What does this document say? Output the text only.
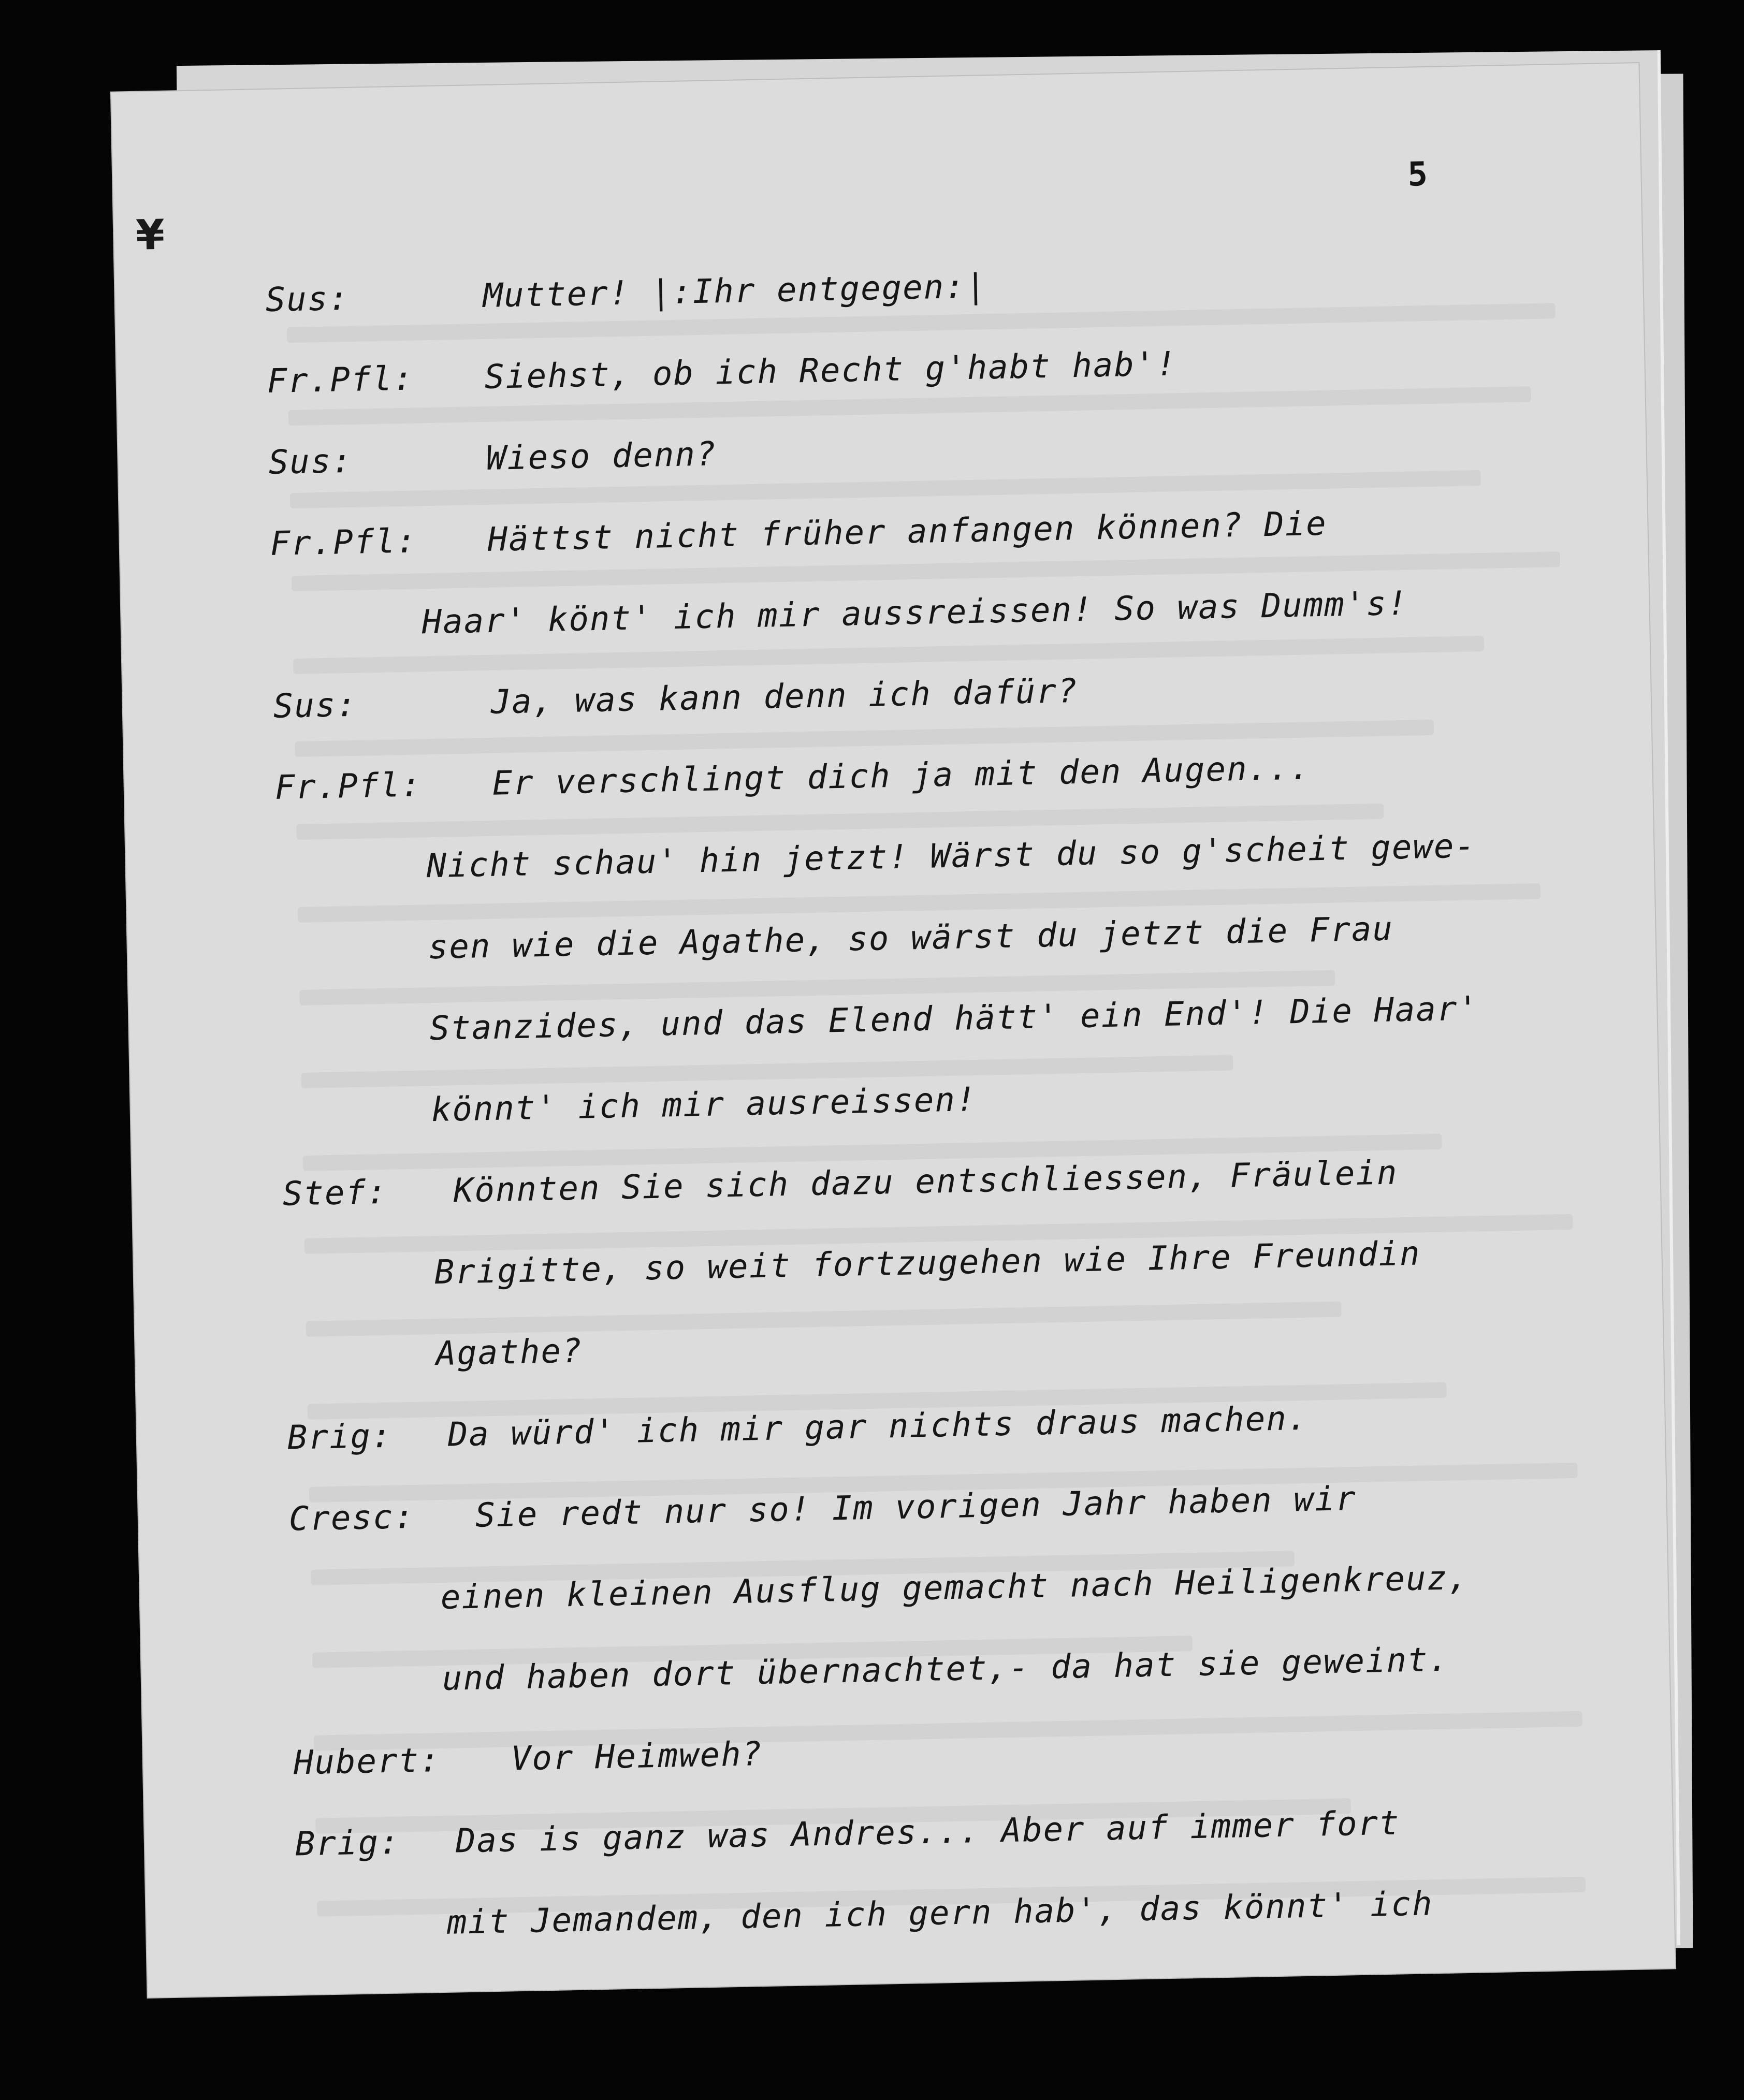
¥
5
Sus:	Mutter! |:Ihr entgegen:|
Fr.Pfl:	Siehst, ob ich Recht g'habt hab'!
Sus:	Wieso denn?
Fr.Pfl:	Hättst nicht früher anfangen können? Die
Haar' könt' ich mir aussreissen! So was Dumm's!
Sus:	Ja, was kann denn ich dafür?
Fr.Pfl:	Er verschlingt dich ja mit den Augen...
Nicht schau' hin jetzt! Wärst du so g'scheit gewe-
sen wie die Agathe, so wärst du jetzt die Frau
Stanzides, und das Elend hätt' ein End'! Die Haar'
könnt' ich mir ausreissen!
Stef:	Könnten Sie sich dazu entschliessen, Fräulein
Brigitte, so weit fortzugehen wie Ihre Freundin
Agathe?
Brig:	Da würd' ich mir gar nichts draus machen.
Cresc:	Sie redt nur so! Im vorigen Jahr haben wir
einen kleinen Ausflug gemacht nach Heiligenkreuz,
und haben dort übernachtet,- da hat sie geweint.
Hubert:	Vor Heimweh?
Brig:	Das is ganz was Andres... Aber auf immer fort
mit Jemandem, den ich gern hab', das könnt' ich
